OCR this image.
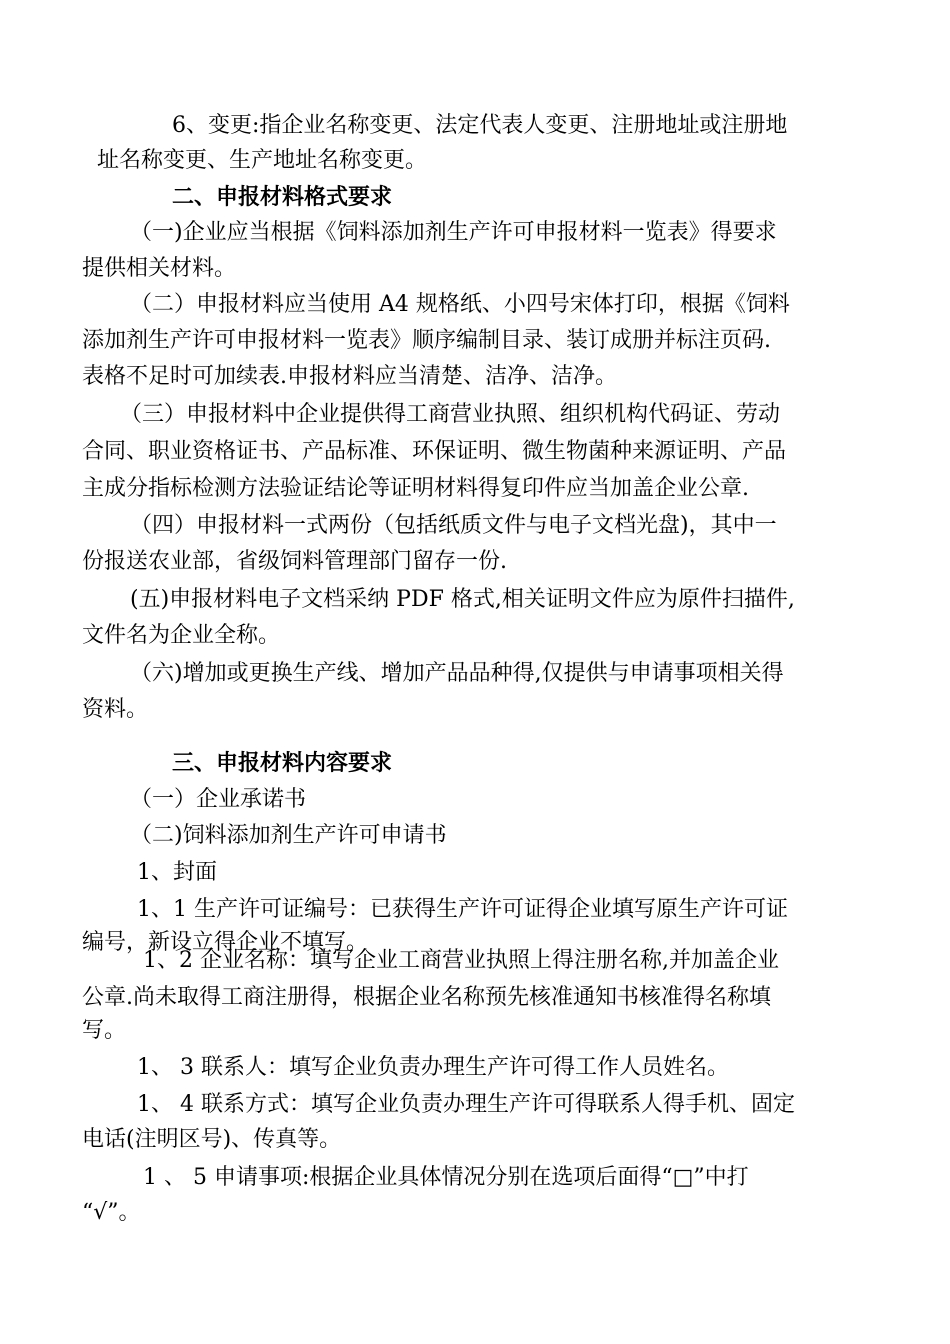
6、变更:指企业名称变更、法定代表人变更、注册地址或注册地
址名称变更、生产地址名称变更。
二、申报材料格式要求
（一)企业应当根据《饲料添加剂生产许可申报材料一览表》得要求
提供相关材料。
（二）申报材料应当使用 A4 规格纸、小四号宋体打印，根据《饲料
添加剂生产许可申报材料一览表》顺序编制目录、装订成册并标注页码.
表格不足时可加续表.申报材料应当清楚、洁净、洁净。
（三）申报材料中企业提供得工商营业执照、组织机构代码证、劳动
合同、职业资格证书、产品标准、环保证明、微生物菌种来源证明、产品
主成分指标检测方法验证结论等证明材料得复印件应当加盖企业公章.
（四）申报材料一式两份（包括纸质文件与电子文档光盘)，其中一
份报送农业部，省级饲料管理部门留存一份.
(五)申报材料电子文档采纳 PDF 格式,相关证明文件应为原件扫描件,
文件名为企业全称。
（六)增加或更换生产线、增加产品品种得,仅提供与申请事项相关得
资料。
三、申报材料内容要求
（一）企业承诺书
（二)饲料添加剂生产许可申请书
1、封面
1、1 生产许可证编号：已获得生产许可证得企业填写原生产许可证
编号，新设立得企业不填写。
1、2 企业名称：填写企业工商营业执照上得注册名称,并加盖企业
公章.尚未取得工商注册得，根据企业名称预先核准通知书核准得名称填
写。
1、 3 联系人：填写企业负责办理生产许可得工作人员姓名。
1、 4 联系方式：填写企业负责办理生产许可得联系人得手机、固定
电话(注明区号)、传真等。
1 、 5 申请事项:根据企业具体情况分别在选项后面得“□”中打
“√”。
